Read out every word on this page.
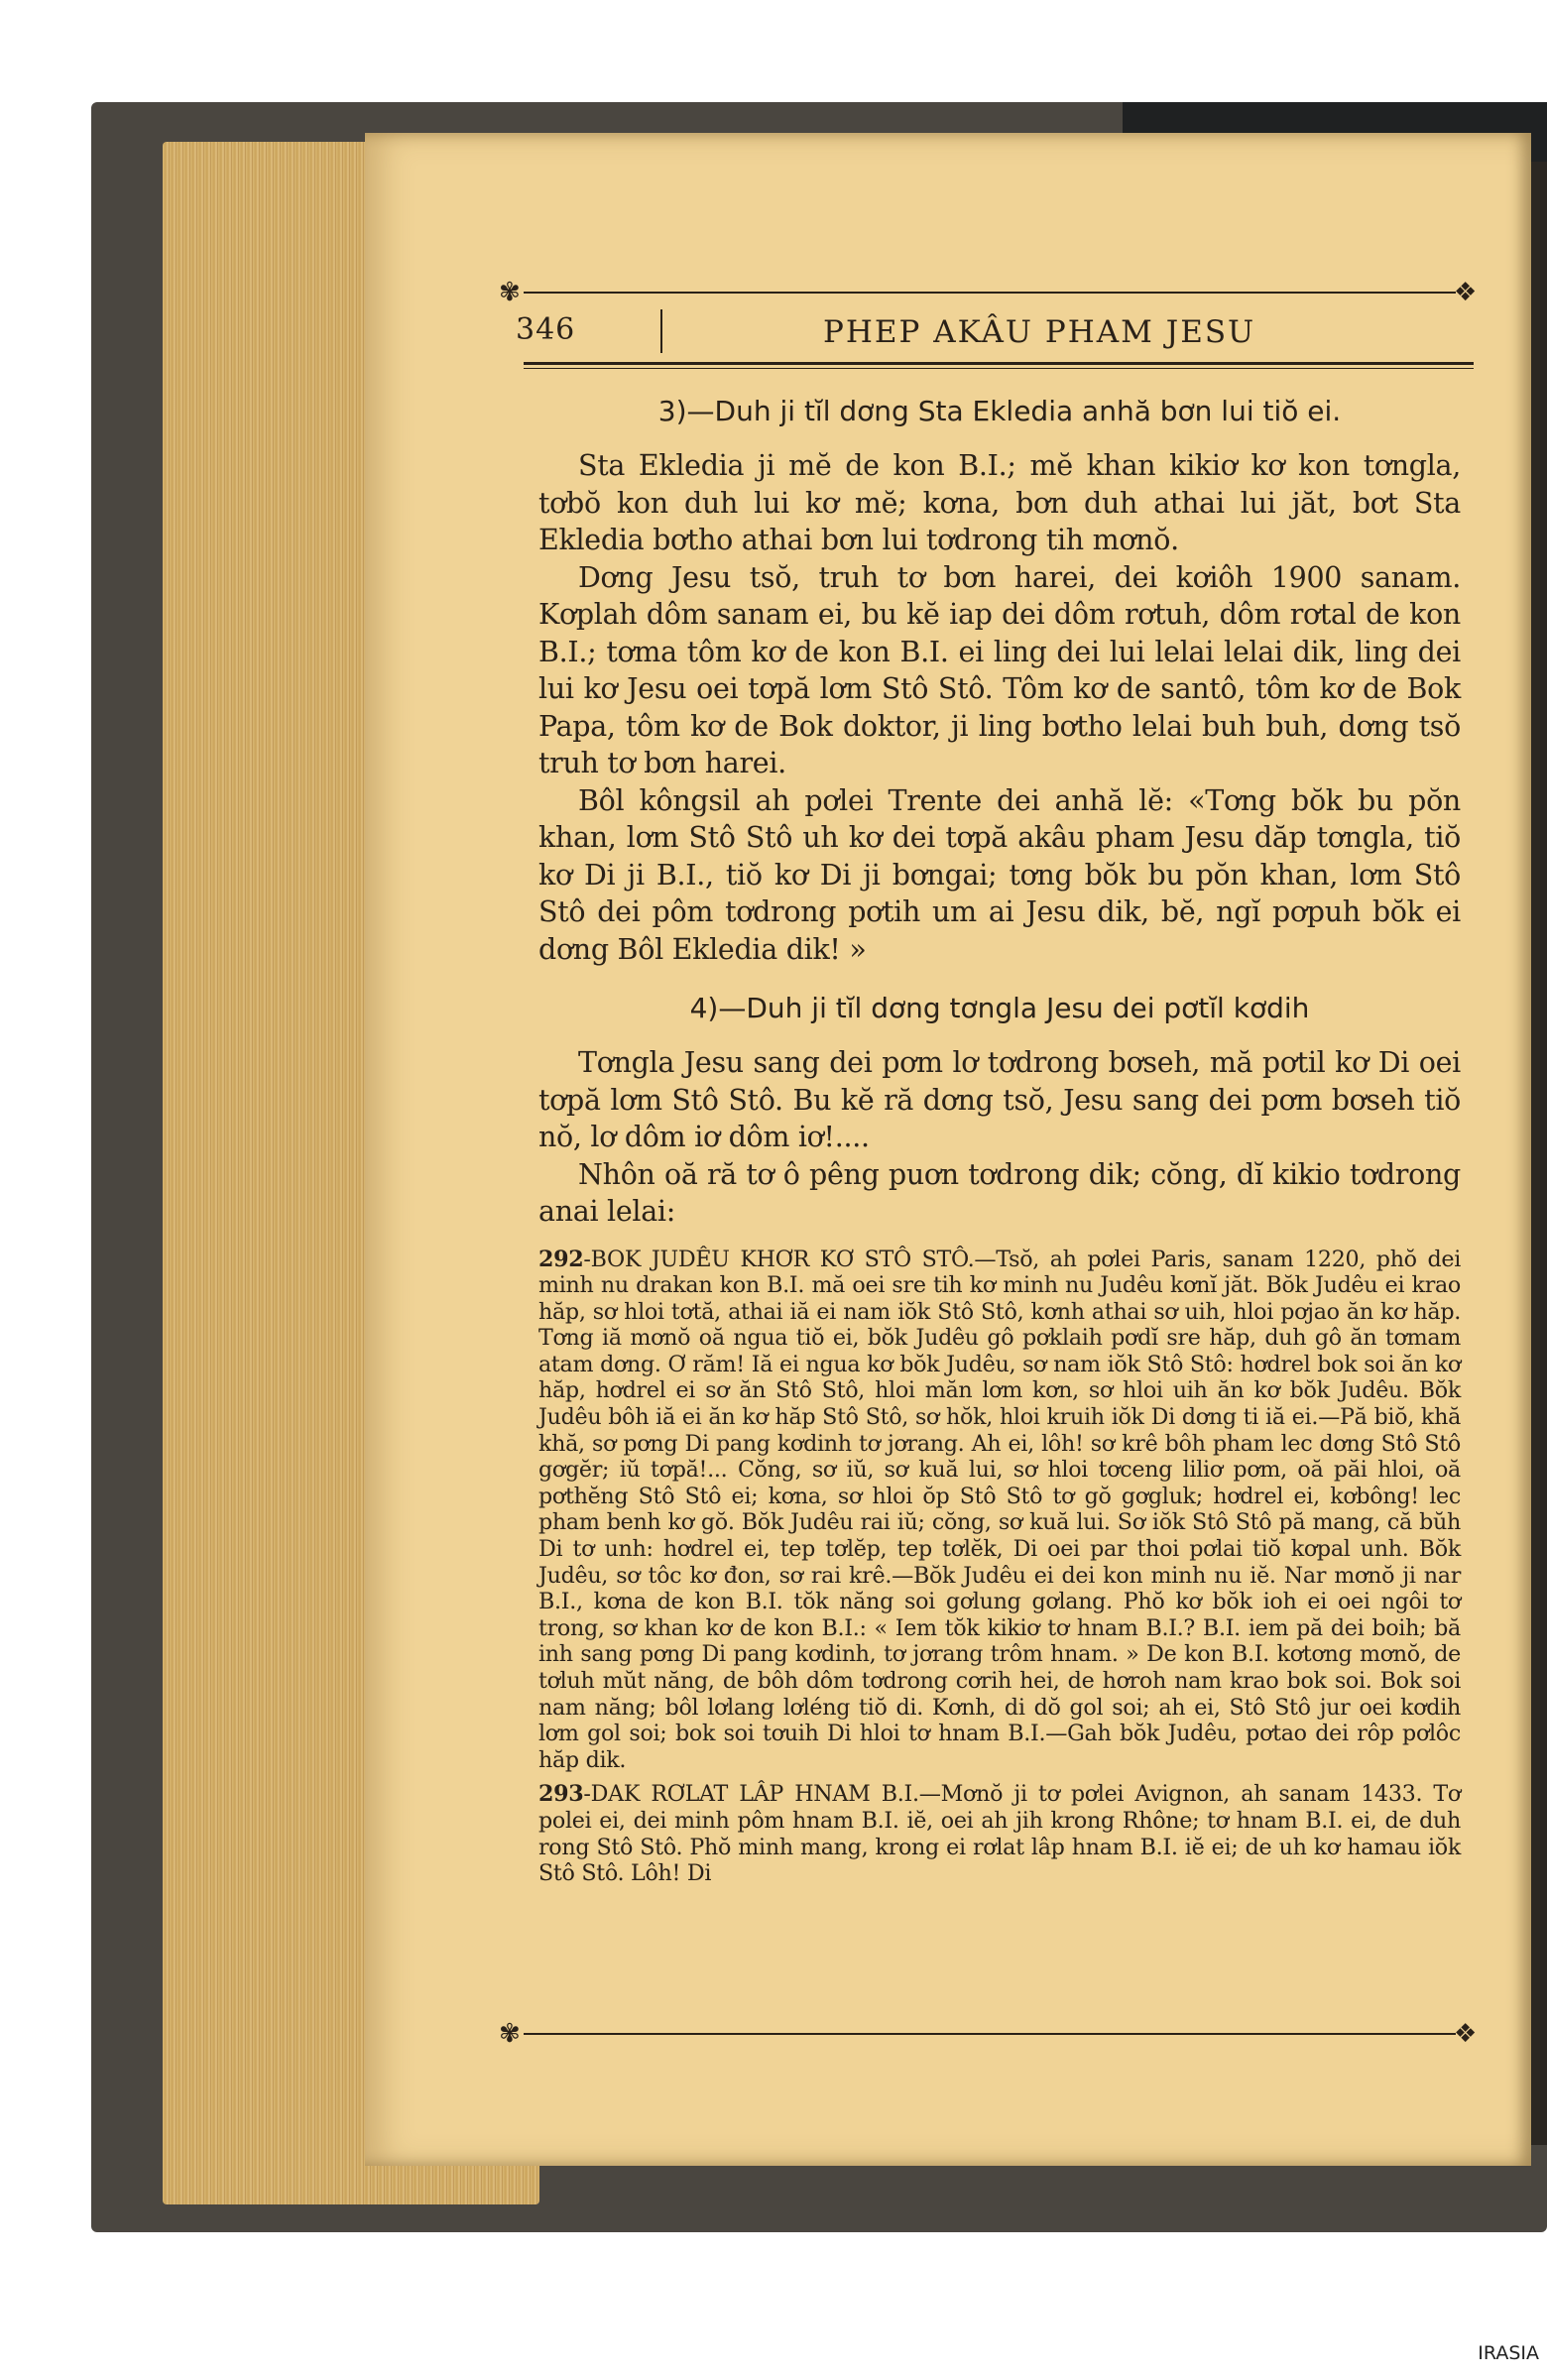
✾	❖
346	PHEP AKÂU PHAM JESU
3)—Duh ji tĭl dơng Sta Ekledia anhă bơn lui tiŏ ei.

Sta Ekledia ji mĕ de kon B.I.; mĕ khan kikiơ kơ kon tơngla, tơbŏ kon duh lui kơ mĕ; kơna, bơn duh athai lui jăt, bơt Sta Ekledia bơtho athai bơn lui tơdrong tih mơnŏ.

Dơng Jesu tsŏ, truh tơ bơn harei, dei kơiôh 1900 sanam. Kơplah dôm sanam ei, bu kĕ iap dei dôm rơtuh, dôm rơtal de kon B.I.; tơma tôm kơ de kon B.I. ei ling dei lui lelai lelai dik, ling dei lui kơ Jesu oei tơpă lơm Stô Stô. Tôm kơ de santô, tôm kơ de Bok Papa, tôm kơ de Bok doktor, ji ling bơtho lelai buh buh, dơng tsŏ truh tơ bơn harei.

Bôl kôngsil ah pơlei Trente dei anhă lĕ: «Tơng bŏk bu pŏn khan, lơm Stô Stô uh kơ dei tơpă akâu pham Jesu dăp tơngla, tiŏ kơ Di ji B.I., tiŏ kơ Di ji bơngai; tơng bŏk bu pŏn khan, lơm Stô Stô dei pôm tơdrong pơtih um ai Jesu dik, bĕ, ngĭ pơpuh bŏk ei dơng Bôl Ekledia dik! »

4)—Duh ji tĭl dơng tơngla Jesu dei pơtĭl kơdih

Tơngla Jesu sang dei pơm lơ tơdrong bơseh, mă pơtil kơ Di oei tơpă lơm Stô Stô. Bu kĕ ră dơng tsŏ, Jesu sang dei pơm bơseh tiŏ nŏ, lơ dôm iơ dôm iơ!....

Nhôn oă ră tơ ô pêng puơn tơdrong dik; cŏng, dĭ kikio tơdrong anai lelai:

292-BOK JUDÊU KHƠR KƠ STÔ STÔ.—Tsŏ, ah pơlei Paris, sanam 1220, phŏ dei minh nu drakan kon B.I. mă oei sre tih kơ minh nu Judêu kơnĭ jăt. Bŏk Judêu ei krao hăp, sơ hloi tơtă, athai iă ei nam iŏk Stô Stô, kơnh athai sơ uih, hloi pơjao ăn kơ hăp. Tơng iă mơnŏ oă ngua tiŏ ei, bŏk Judêu gô pơklaih pơdĭ sre hăp, duh gô ăn tơmam atam dơng. Ơ răm! Iă ei ngua kơ bŏk Judêu, sơ nam iŏk Stô Stô: hơdrel bok soi ăn kơ hăp, hơdrel ei sơ ăn Stô Stô, hloi măn lơm kơn, sơ hloi uih ăn kơ bŏk Judêu. Bŏk Judêu bôh iă ei ăn kơ hăp Stô Stô, sơ hŏk, hloi kruih iŏk Di dơng ti iă ei.—Pă biŏ, khă khă, sơ pơng Di pang kơdinh tơ jơrang. Ah ei, lôh! sơ krê bôh pham lec dơng Stô Stô gơgĕr; iŭ tơpă!... Cŏng, sơ iŭ, sơ kuă lui, sơ hloi tơceng liliơ pơm, oă păi hloi, oă pơthĕng Stô Stô ei; kơna, sơ hloi ŏp Stô Stô tơ gŏ gơgluk; hơdrel ei, kơbông! lec pham benh kơ gŏ. Bŏk Judêu rai iŭ; cŏng, sơ kuă lui. Sơ iŏk Stô Stô pă mang, că bŭh Di tơ unh: hơdrel ei, tep tơlĕp, tep tơlĕk, Di oei par thoi pơlai tiŏ kơpal unh. Bŏk Judêu, sơ tôc kơ đon, sơ rai krê.—Bŏk Judêu ei dei kon minh nu iĕ. Nar mơnŏ ji nar B.I., kơna de kon B.I. tŏk năng soi gơlung gơlang. Phŏ kơ bŏk ioh ei oei ngôi tơ trong, sơ khan kơ de kon B.I.: « Iem tŏk kikiơ tơ hnam B.I.? B.I. iem pă dei boih; bă inh sang pơng Di pang kơdinh, tơ jơrang trôm hnam. » De kon B.I. kơtơng mơnŏ, de tơluh mŭt năng, de bôh dôm tơdrong cơrih hei, de hơroh nam krao bok soi. Bok soi nam năng; bôl lơlang lơléng tiŏ di. Kơnh, di dŏ gol soi; ah ei, Stô Stô jur oei kơdih lơm gol soi; bok soi tơuih Di hloi tơ hnam B.I.—Gah bŏk Judêu, pơtao dei rôp pơlôc hăp dik.

293-DAK RƠLAT LÂP HNAM B.I.—Mơnŏ ji tơ pơlei Avignon, ah sanam 1433. Tơ polei ei, dei minh pôm hnam B.I. iĕ, oei ah jih krong Rhône; tơ hnam B.I. ei, de duh rong Stô Stô. Phŏ minh mang, krong ei rơlat lâp hnam B.I. iĕ ei; de uh kơ hamau iŏk Stô Stô. Lôh! Di

✾	❖
IRASIA
